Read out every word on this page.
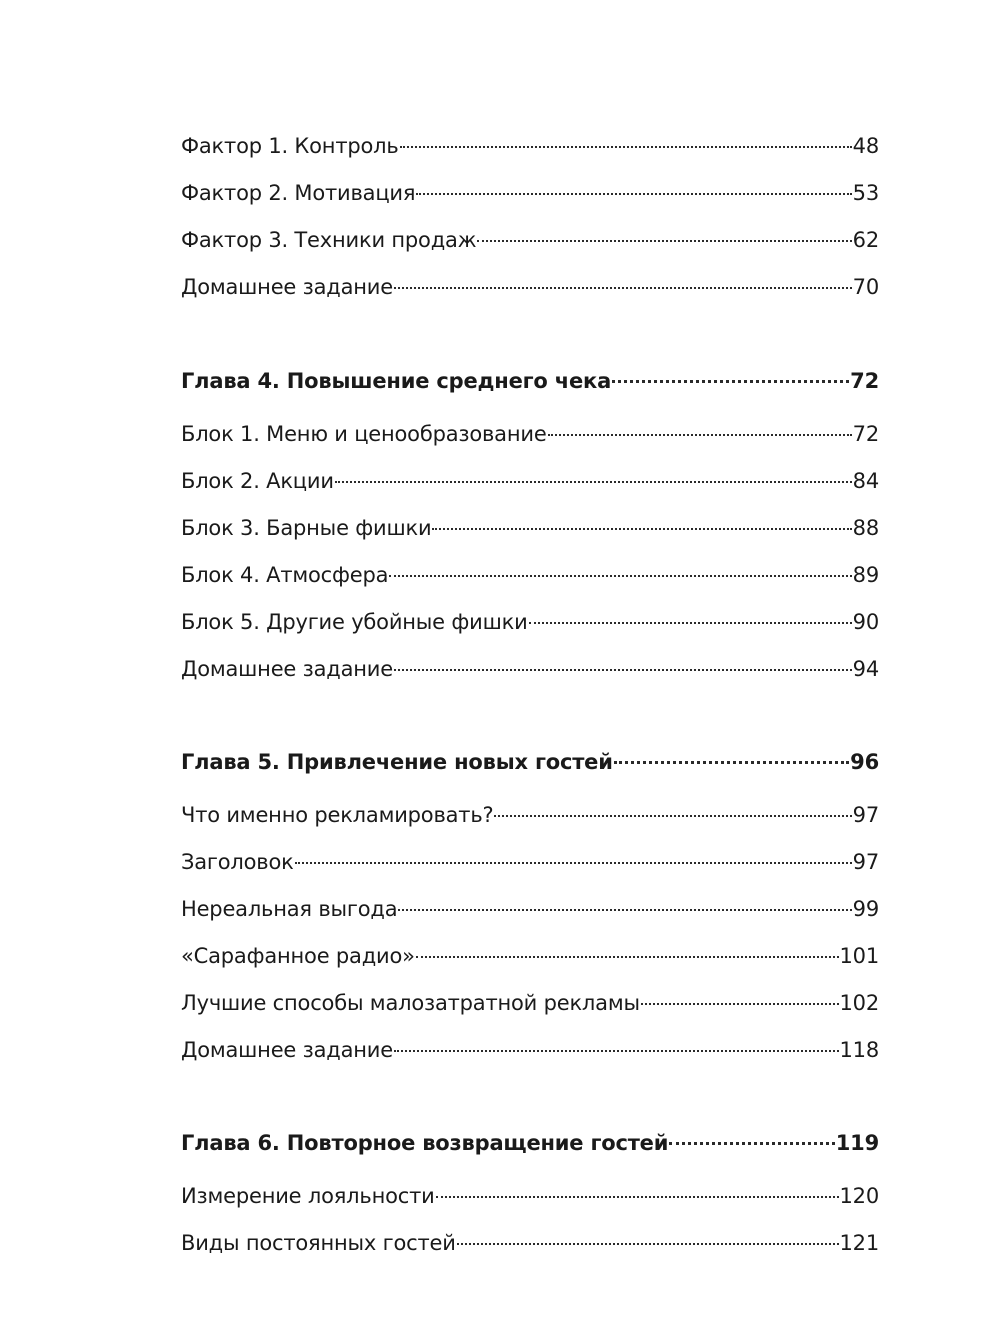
Фактор 1. Контроль	48
Фактор 2. Мотивация	53
Фактор 3. Техники продаж	62
Домашнее задание	70
Глава 4. Повышение среднего чека	72
Блок 1. Меню и ценообразование	72
Блок 2. Акции	84
Блок 3. Барные фишки	88
Блок 4. Атмосфера	89
Блок 5. Другие убойные фишки	90
Домашнее задание	94
Глава 5. Привлечение новых гостей	96
Что именно рекламировать?	97
Заголовок	97
Нереальная выгода	99
«Сарафанное радио»	101
Лучшие способы малозатратной рекламы	102
Домашнее задание	118
Глава 6. Повторное возвращение гостей	119
Измерение лояльности	120
Виды постоянных гостей	121
